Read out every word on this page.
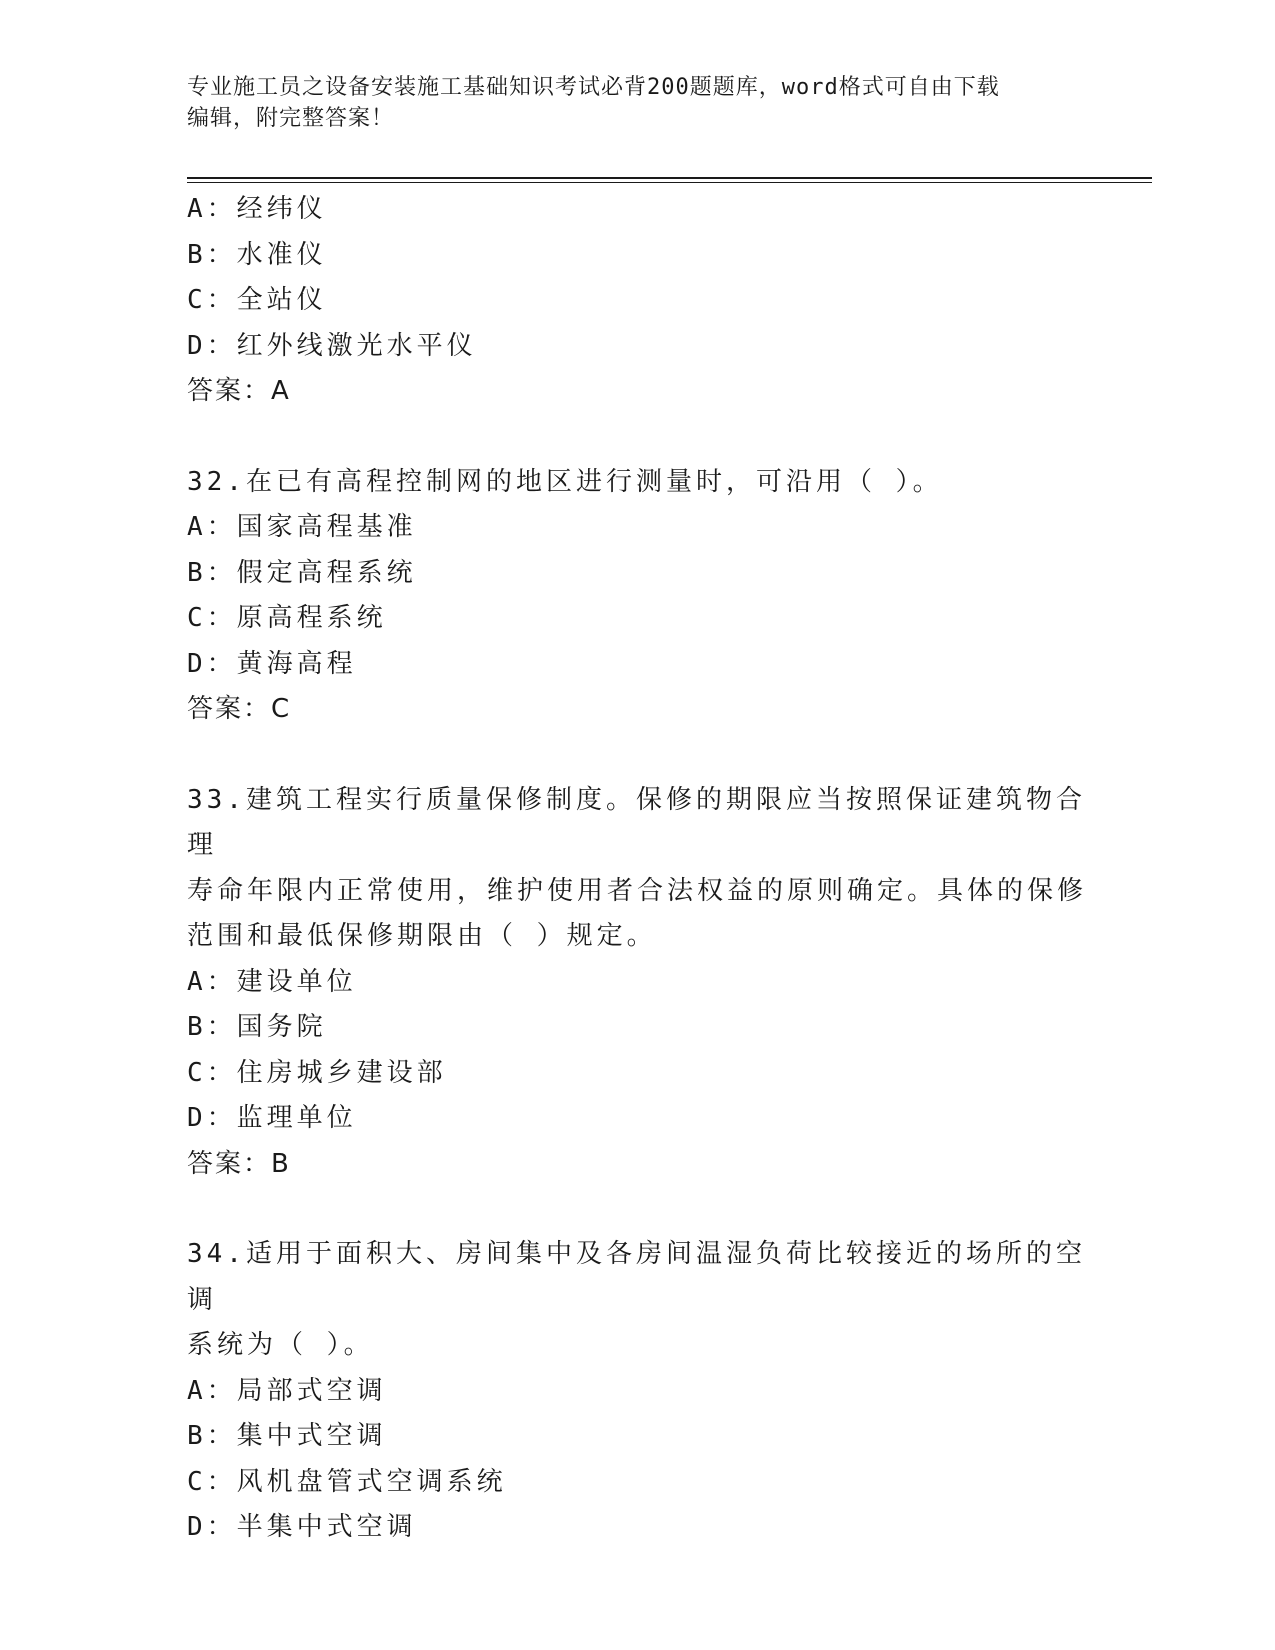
专业施工员之设备安装施工基础知识考试必背200题题库，word格式可自由下载
编辑，附完整答案！
A：经纬仪
B：水准仪
C：全站仪
D：红外线激光水平仪
答案：A
32.在已有高程控制网的地区进行测量时，可沿用（ ）。
A：国家高程基准
B：假定高程系统
C：原高程系统
D：黄海高程
答案：C
33.建筑工程实行质量保修制度。保修的期限应当按照保证建筑物合理
寿命年限内正常使用，维护使用者合法权益的原则确定。具体的保修
范围和最低保修期限由（ ）规定。
A：建设单位
B：国务院
C：住房城乡建设部
D：监理单位
答案：B
34.适用于面积大、房间集中及各房间温湿负荷比较接近的场所的空调
系统为（ ）。
A：局部式空调
B：集中式空调
C：风机盘管式空调系统
D：半集中式空调
